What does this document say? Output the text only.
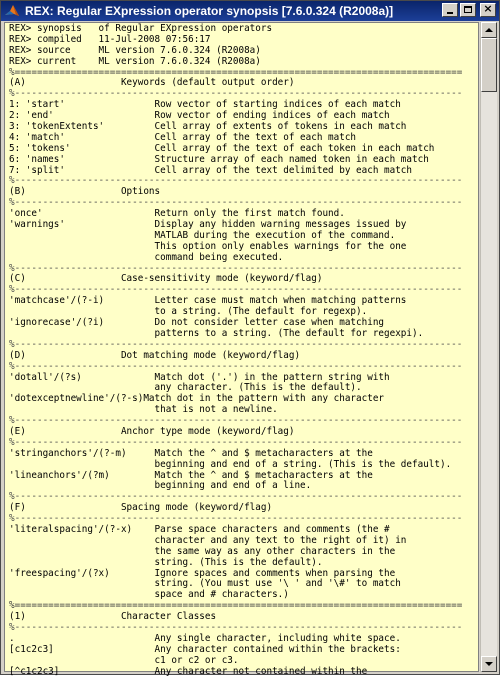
REX: Regular EXpression operator synopsis [7.6.0.324 (R2008a)]	×
REX> synopsis   of Regular EXpression operators
REX> compiled   11-Jul-2008 07:56:17
REX> source     ML version 7.6.0.324 (R2008a)
REX> current    ML version 7.6.0.324 (R2008a)
%================================================================================
(A)                 Keywords (default output order)
%--------------------------------------------------------------------------------
1: 'start'                Row vector of starting indices of each match
2: 'end'                  Row vector of ending indices of each match
3: 'tokenExtents'         Cell array of extents of tokens in each match
4: 'match'                Cell array of the text of each match
5: 'tokens'               Cell array of the text of each token in each match
6: 'names'                Structure array of each named token in each match
7: 'split'                Cell array of the text delimited by each match
%--------------------------------------------------------------------------------
(B)                 Options
%--------------------------------------------------------------------------------
'once'                    Return only the first match found.
'warnings'                Display any hidden warning messages issued by
MATLAB during the execution of the command.
This option only enables warnings for the one
command being executed.
%--------------------------------------------------------------------------------
(C)                 Case-sensitivity mode (keyword/flag)
%--------------------------------------------------------------------------------
'matchcase'/(?-i)         Letter case must match when matching patterns
to a string. (The default for regexp).
'ignorecase'/(?i)         Do not consider letter case when matching
patterns to a string. (The default for regexpi).
%--------------------------------------------------------------------------------
(D)                 Dot matching mode (keyword/flag)
%--------------------------------------------------------------------------------
'dotall'/(?s)             Match dot ('.') in the pattern string with
any character. (This is the default).
'dotexceptnewline'/(?-s)Match dot in the pattern with any character
that is not a newline.
%--------------------------------------------------------------------------------
(E)                 Anchor type mode (keyword/flag)
%--------------------------------------------------------------------------------
'stringanchors'/(?-m)     Match the ^ and $ metacharacters at the
beginning and end of a string. (This is the default).
'lineanchors'/(?m)        Match the ^ and $ metacharacters at the
beginning and end of a line.
%--------------------------------------------------------------------------------
(F)                 Spacing mode (keyword/flag)
%--------------------------------------------------------------------------------
'literalspacing'/(?-x)    Parse space characters and comments (the #
character and any text to the right of it) in
the same way as any other characters in the
string. (This is the default).
'freespacing'/(?x)        Ignore spaces and comments when parsing the
string. (You must use '\ ' and '\#' to match
space and # characters.)
%================================================================================
(1)                 Character Classes
%--------------------------------------------------------------------------------
.                         Any single character, including white space.
[c1c2c3]                  Any character contained within the brackets:
c1 or c2 or c3.
[^c1c2c3]                 Any character not contained within the
